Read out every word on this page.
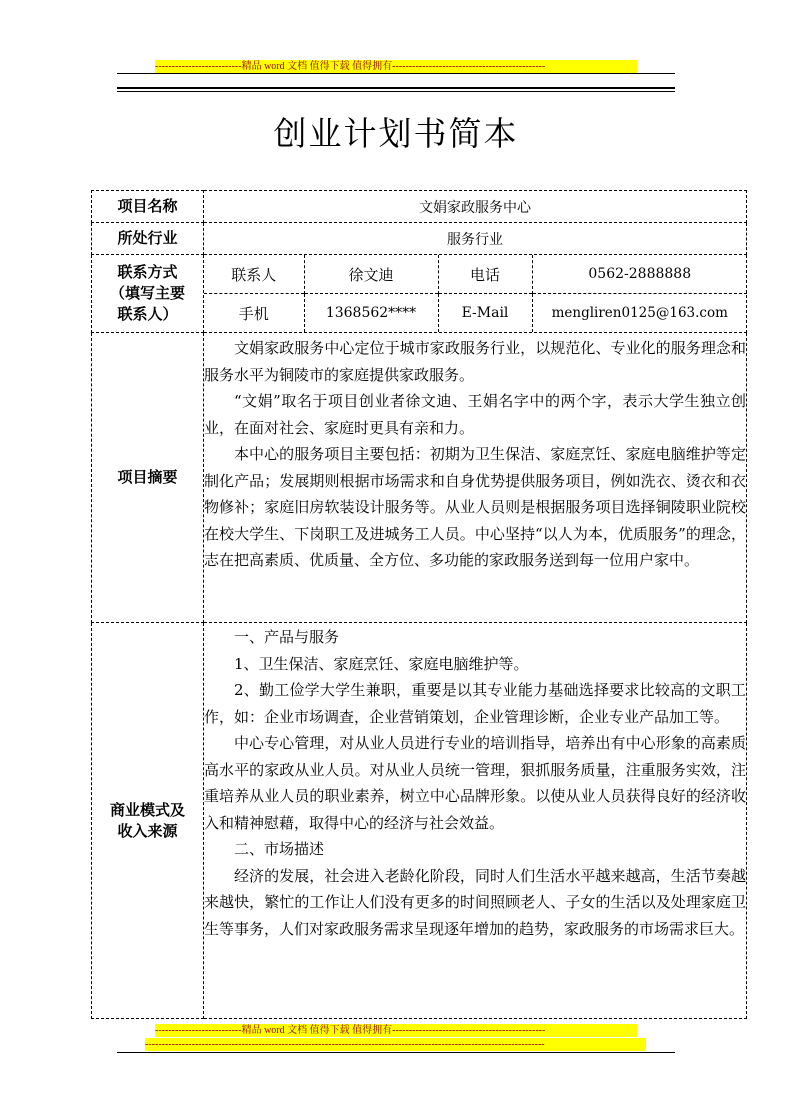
--------------------------精品 word 文档 值得下载 值得拥有----------------------------------------------
创业计划书简本
项目名称	文娟家政服务中心
所处行业	服务行业

联系方式
（填写主要
联系人）

联系人	徐文迪	电话	0562-2888888
手机	1368562****	E-Mail	mengliren0125@163.com

项目摘要	

文娟家政服务中心定位于城市家政服务行业，以规范化、专业化的服务理念和服务水平为铜陵市的家庭提供家政服务。

“文娟”取名于项目创业者徐文迪、王娟名字中的两个字，表示大学生独立创业，在面对社会、家庭时更具有亲和力。

本中心的服务项目主要包括：初期为卫生保洁、家庭烹饪、家庭电脑维护等定制化产品；发展期则根据市场需求和自身优势提供服务项目，例如洗衣、烫衣和衣物修补；家庭旧房软装设计服务等。从业人员则是根据服务项目选择铜陵职业院校在校大学生、下岗职工及进城务工人员。中心坚持“以人为本，优质服务”的理念，志在把高素质、优质量、全方位、多功能的家政服务送到每一位用户家中。

商业模式及
收入来源

一、产品与服务

1、卫生保洁、家庭烹饪、家庭电脑维护等。

2、勤工俭学大学生兼职，重要是以其专业能力基础选择要求比较高的文职工作，如：企业市场调查，企业营销策划，企业管理诊断，企业专业产品加工等。

中心专心管理，对从业人员进行专业的培训指导，培养出有中心形象的高素质高水平的家政从业人员。对从业人员统一管理，狠抓服务质量，注重服务实效，注重培养从业人员的职业素养，树立中心品牌形象。以使从业人员获得良好的经济收入和精神慰藉，取得中心的经济与社会效益。

二、市场描述

经济的发展，社会进入老龄化阶段，同时人们生活水平越来越高，生活节奏越来越快，繁忙的工作让人们没有更多的时间照顾老人、子女的生活以及处理家庭卫生等事务，人们对家政服务需求呈现逐年增加的趋势，家政服务的市场需求巨大。

--------------------------精品 word 文档 值得下载 值得拥有----------------------------------------------
------------------------------------------------------------------------------------------------------------------------
